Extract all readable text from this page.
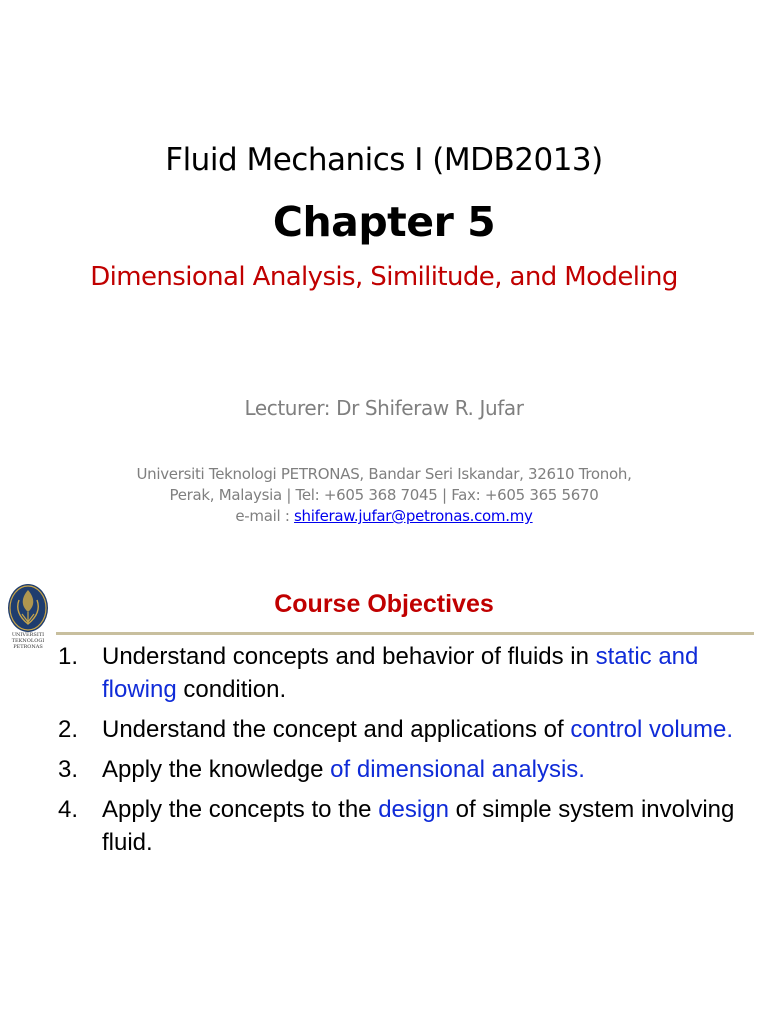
Fluid Mechanics I (MDB2013)
Chapter 5
Dimensional Analysis, Similitude, and Modeling
Lecturer: Dr Shiferaw R. Jufar
Universiti Teknologi PETRONAS, Bandar Seri Iskandar, 32610 Tronoh,
Perak, Malaysia | Tel: +605 368 7045 | Fax: +605 365 5670
e-mail : shiferaw.jufar@petronas.com.my
UNIVERSITI
TEKNOLOGI
PETRONAS
Course Objectives
1. Understand concepts and behavior of fluids in static and flowing condition.
2. Understand the concept and applications of control volume.
3. Apply the knowledge of dimensional analysis.
4. Apply the concepts to the design of simple system involving fluid.
